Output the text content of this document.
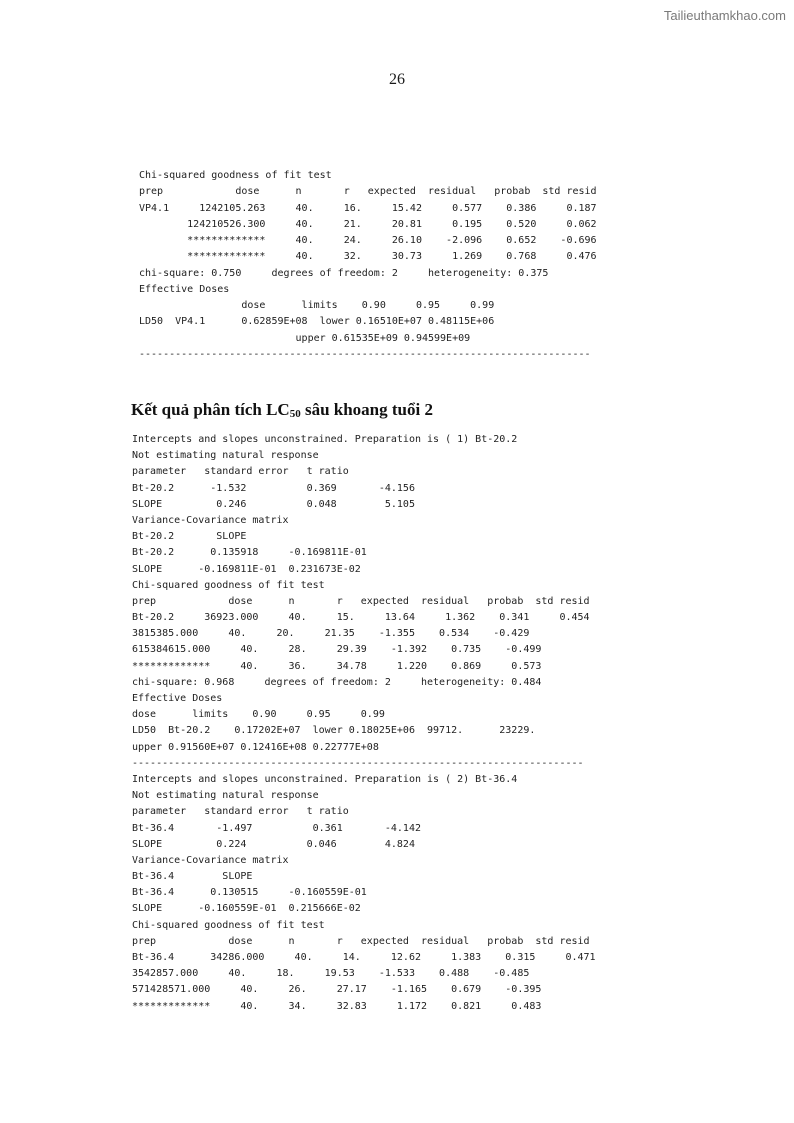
Tailieuthamkhao.com
26
Chi-squared goodness of fit test
prep            dose      n       r   expected  residual   probab  std resid
VP4.1     1242105.263     40.     16.     15.42     0.577    0.386     0.187
124210526.300     40.     21.     20.81     0.195    0.520     0.062
*************     40.     24.     26.10    -2.096    0.652    -0.696
*************     40.     32.     30.73     1.269    0.768     0.476
chi-square: 0.750     degrees of freedom: 2     heterogeneity: 0.375
Effective Doses
dose      limits    0.90     0.95     0.99
LD50  VP4.1      0.62859E+08  lower 0.16510E+07 0.48115E+06
upper 0.61535E+09 0.94599E+09
---------------------------------------------------------------------------
Kết quả phân tích $LC_{50}$ sâu khoang tuổi 2
Intercepts and slopes unconstrained. Preparation is ( 1) Bt-20.2
Not estimating natural response
parameter   standard error   t ratio
Bt-20.2      -1.532          0.369       -4.156
SLOPE         0.246          0.048        5.105
Variance-Covariance matrix
Bt-20.2       SLOPE
Bt-20.2      0.135918     -0.169811E-01
SLOPE      -0.169811E-01  0.231673E-02
Chi-squared goodness of fit test
prep            dose      n       r   expected  residual   probab  std resid
Bt-20.2     36923.000     40.     15.     13.64     1.362    0.341     0.454
3815385.000     40.     20.     21.35    -1.355    0.534    -0.429
615384615.000     40.     28.     29.39    -1.392    0.735    -0.499
*************     40.     36.     34.78     1.220    0.869     0.573
chi-square: 0.968     degrees of freedom: 2     heterogeneity: 0.484
Effective Doses
dose      limits    0.90     0.95     0.99
LD50  Bt-20.2    0.17202E+07  lower 0.18025E+06  99712.      23229.
upper 0.91560E+07 0.12416E+08 0.22777E+08
---------------------------------------------------------------------------
Intercepts and slopes unconstrained. Preparation is ( 2) Bt-36.4
Not estimating natural response
parameter   standard error   t ratio
Bt-36.4       -1.497          0.361       -4.142
SLOPE         0.224          0.046        4.824
Variance-Covariance matrix
Bt-36.4        SLOPE
Bt-36.4      0.130515     -0.160559E-01
SLOPE      -0.160559E-01  0.215666E-02
Chi-squared goodness of fit test
prep            dose      n       r   expected  residual   probab  std resid
Bt-36.4      34286.000     40.     14.     12.62     1.383    0.315     0.471
3542857.000     40.     18.     19.53    -1.533    0.488    -0.485
571428571.000     40.     26.     27.17    -1.165    0.679    -0.395
*************     40.     34.     32.83     1.172    0.821     0.483
